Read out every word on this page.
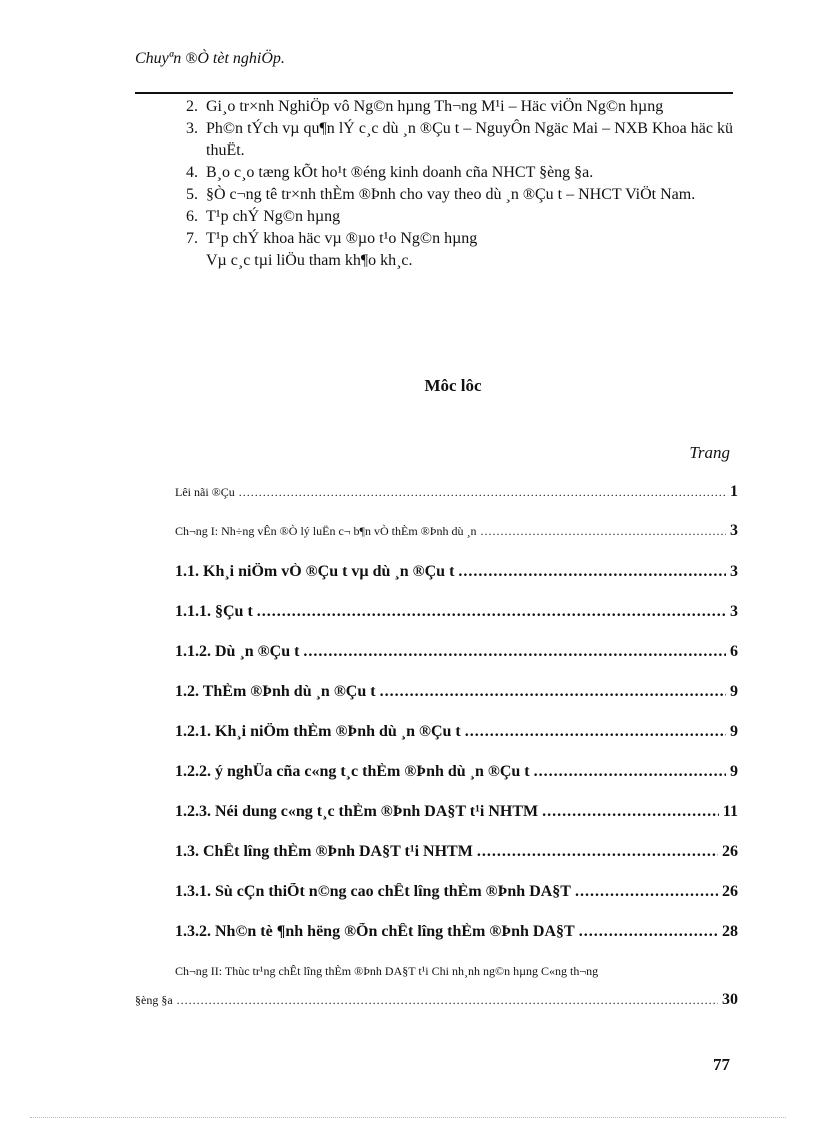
Chuyªn ®Ò tèt nghiÖp.
2. Gi¸o tr×nh NghiÖp vô Ng©n hµng Th¬ng M¹i – Häc viÖn Ng©n hµng
3. Ph©n tÝch vµ qu¶n lÝ c¸c dù ¸n ®Çu t – NguyÔn Ngäc Mai – NXB Khoa häc kü thuËt.
4. B¸o c¸o tæng kÕt ho¹t ®éng kinh doanh cña NHCT §èng §a.
5. §Ò c¬ng tê tr×nh thÈm ®Þnh cho vay theo dù ¸n ®Çu t – NHCT ViÖt Nam.
6. T¹p chÝ Ng©n hµng
7. T¹p chÝ khoa häc vµ ®µo t¹o Ng©n hµng
Vµ c¸c tµi liÖu tham kh¶o kh¸c.
Môc lôc
Trang
Lêi nãi ®Çu .....	1
Ch¬ng I: Nh÷ng vÊn ®Ò lý luËn c¬ b¶n vÒ thÈm ®Þnh dù ¸n .....	3
1.1. Kh¸i niÖm vÒ ®Çu t vµ dù ¸n ®Çu t .....	3
1.1.1. §Çu t .....	3
1.1.2. Dù ¸n ®Çu t .....	6
1.2. ThÈm ®Þnh dù ¸n ®Çu t .....	9
1.2.1. Kh¸i niÖm thÈm ®Þnh dù ¸n ®Çu t .....	9
1.2.2. ý nghÜa cña c«ng t¸c thÈm ®Þnh dù ¸n ®Çu t .....	9
1.2.3. Néi dung c«ng t¸c thÈm ®Þnh DA§T t¹i NHTM .....	11
1.3. ChÊt lîng thÈm ®Þnh DA§T t¹i NHTM .....	26
1.3.1. Sù cÇn thiÕt n©ng cao chÊt lîng thÈm ®Þnh DA§T .....	26
1.3.2. Nh©n tè ¶nh hëng ®Õn chÊt lîng thÈm ®Þnh DA§T .....	28
Ch¬ng II: Thùc tr¹ng chÊt lîng thÈm ®Þnh DA§T t¹i Chi nh¸nh ng©n hµng C«ng th¬ng
§èng §a .....	30
77
